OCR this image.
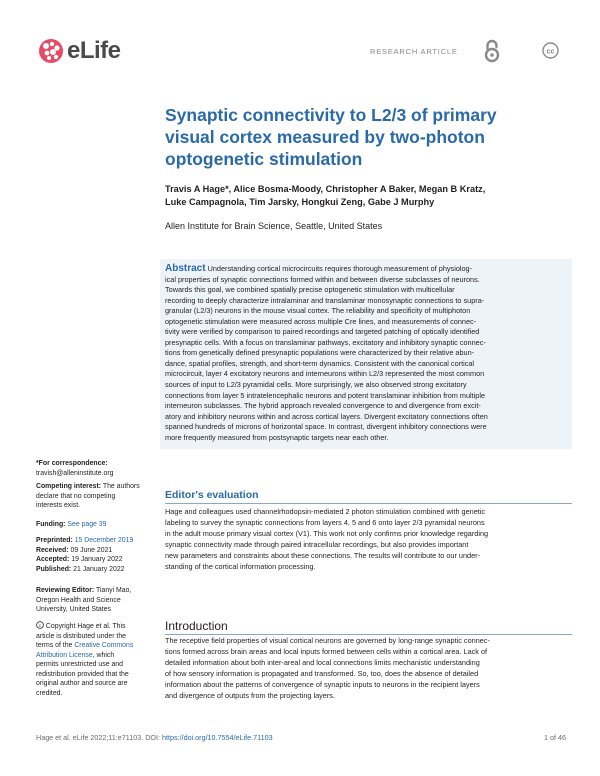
eLife	RESEARCH ARTICLE	cc
Synaptic connectivity to L2/3 of primary
visual cortex measured by two-photon
optogenetic stimulation
Travis A Hage*, Alice Bosma-Moody, Christopher A Baker, Megan B Kratz,
Luke Campagnola, Tim Jarsky, Hongkui Zeng, Gabe J Murphy
Allen Institute for Brain Science, Seattle, United States
Abstract Understanding cortical microcircuits requires thorough measurement of physiolog-
ical properties of synaptic connections formed within and between diverse subclasses of neurons.
Towards this goal, we combined spatially precise optogenetic stimulation with multicellular
recording to deeply characterize intralaminar and translaminar monosynaptic connections to supra-
granular (L2/3) neurons in the mouse visual cortex. The reliability and specificity of multiphoton
optogenetic stimulation were measured across multiple Cre lines, and measurements of connec-
tivity were verified by comparison to paired recordings and targeted patching of optically identified
presynaptic cells. With a focus on translaminar pathways, excitatory and inhibitory synaptic connec-
tions from genetically defined presynaptic populations were characterized by their relative abun-
dance, spatial profiles, strength, and short-term dynamics. Consistent with the canonical cortical
microcircuit, layer 4 excitatory neurons and interneurons within L2/3 represented the most common
sources of input to L2/3 pyramidal cells. More surprisingly, we also observed strong excitatory
connections from layer 5 intratelencephalic neurons and potent translaminar inhibition from multiple
interneuron subclasses. The hybrid approach revealed convergence to and divergence from excit-
atory and inhibitory neurons within and across cortical layers. Divergent excitatory connections often
spanned hundreds of microns of horizontal space. In contrast, divergent inhibitory connections were
more frequently measured from postsynaptic targets near each other.
Editor's evaluation
Hage and colleagues used channelrhodopsin-mediated 2 photon stimulation combined with genetic
labeling to survey the synaptic connections from layers 4, 5 and 6 onto layer 2/3 pyramidal neurons
in the adult mouse primary visual cortex (V1). This work not only confirms prior knowledge regarding
synaptic connectivity made through paired intracellular recordings, but also provides important
new parameters and constraints about these connections. The results will contribute to our under-
standing of the cortical information processing.
*For correspondence:
travish@alleninstitute.org
Competing interest: The authors
declare that no competing
interests exist.
Funding: See page 39
Preprinted: 15 December 2019
Received: 09 June 2021
Accepted: 19 January 2022
Published: 21 January 2022
Reviewing Editor: Tianyi Mao,
Oregon Health and Science
University, United States
c Copyright Hage et al. This
article is distributed under the
terms of the Creative Commons
Attribution License, which
permits unrestricted use and
redistribution provided that the
original author and source are
credited.
Introduction
The receptive field properties of visual cortical neurons are governed by long-range synaptic connec-
tions formed across brain areas and local inputs formed between cells within a cortical area. Lack of
detailed information about both inter-areal and local connections limits mechanistic understanding
of how sensory information is propagated and transformed. So, too, does the absence of detailed
information about the patterns of convergence of synaptic inputs to neurons in the recipient layers
and divergence of outputs from the projecting layers.
Hage et al. eLife 2022;11:e71103. DOI: https://doi.org/10.7554/eLife.71103	1 of 46
